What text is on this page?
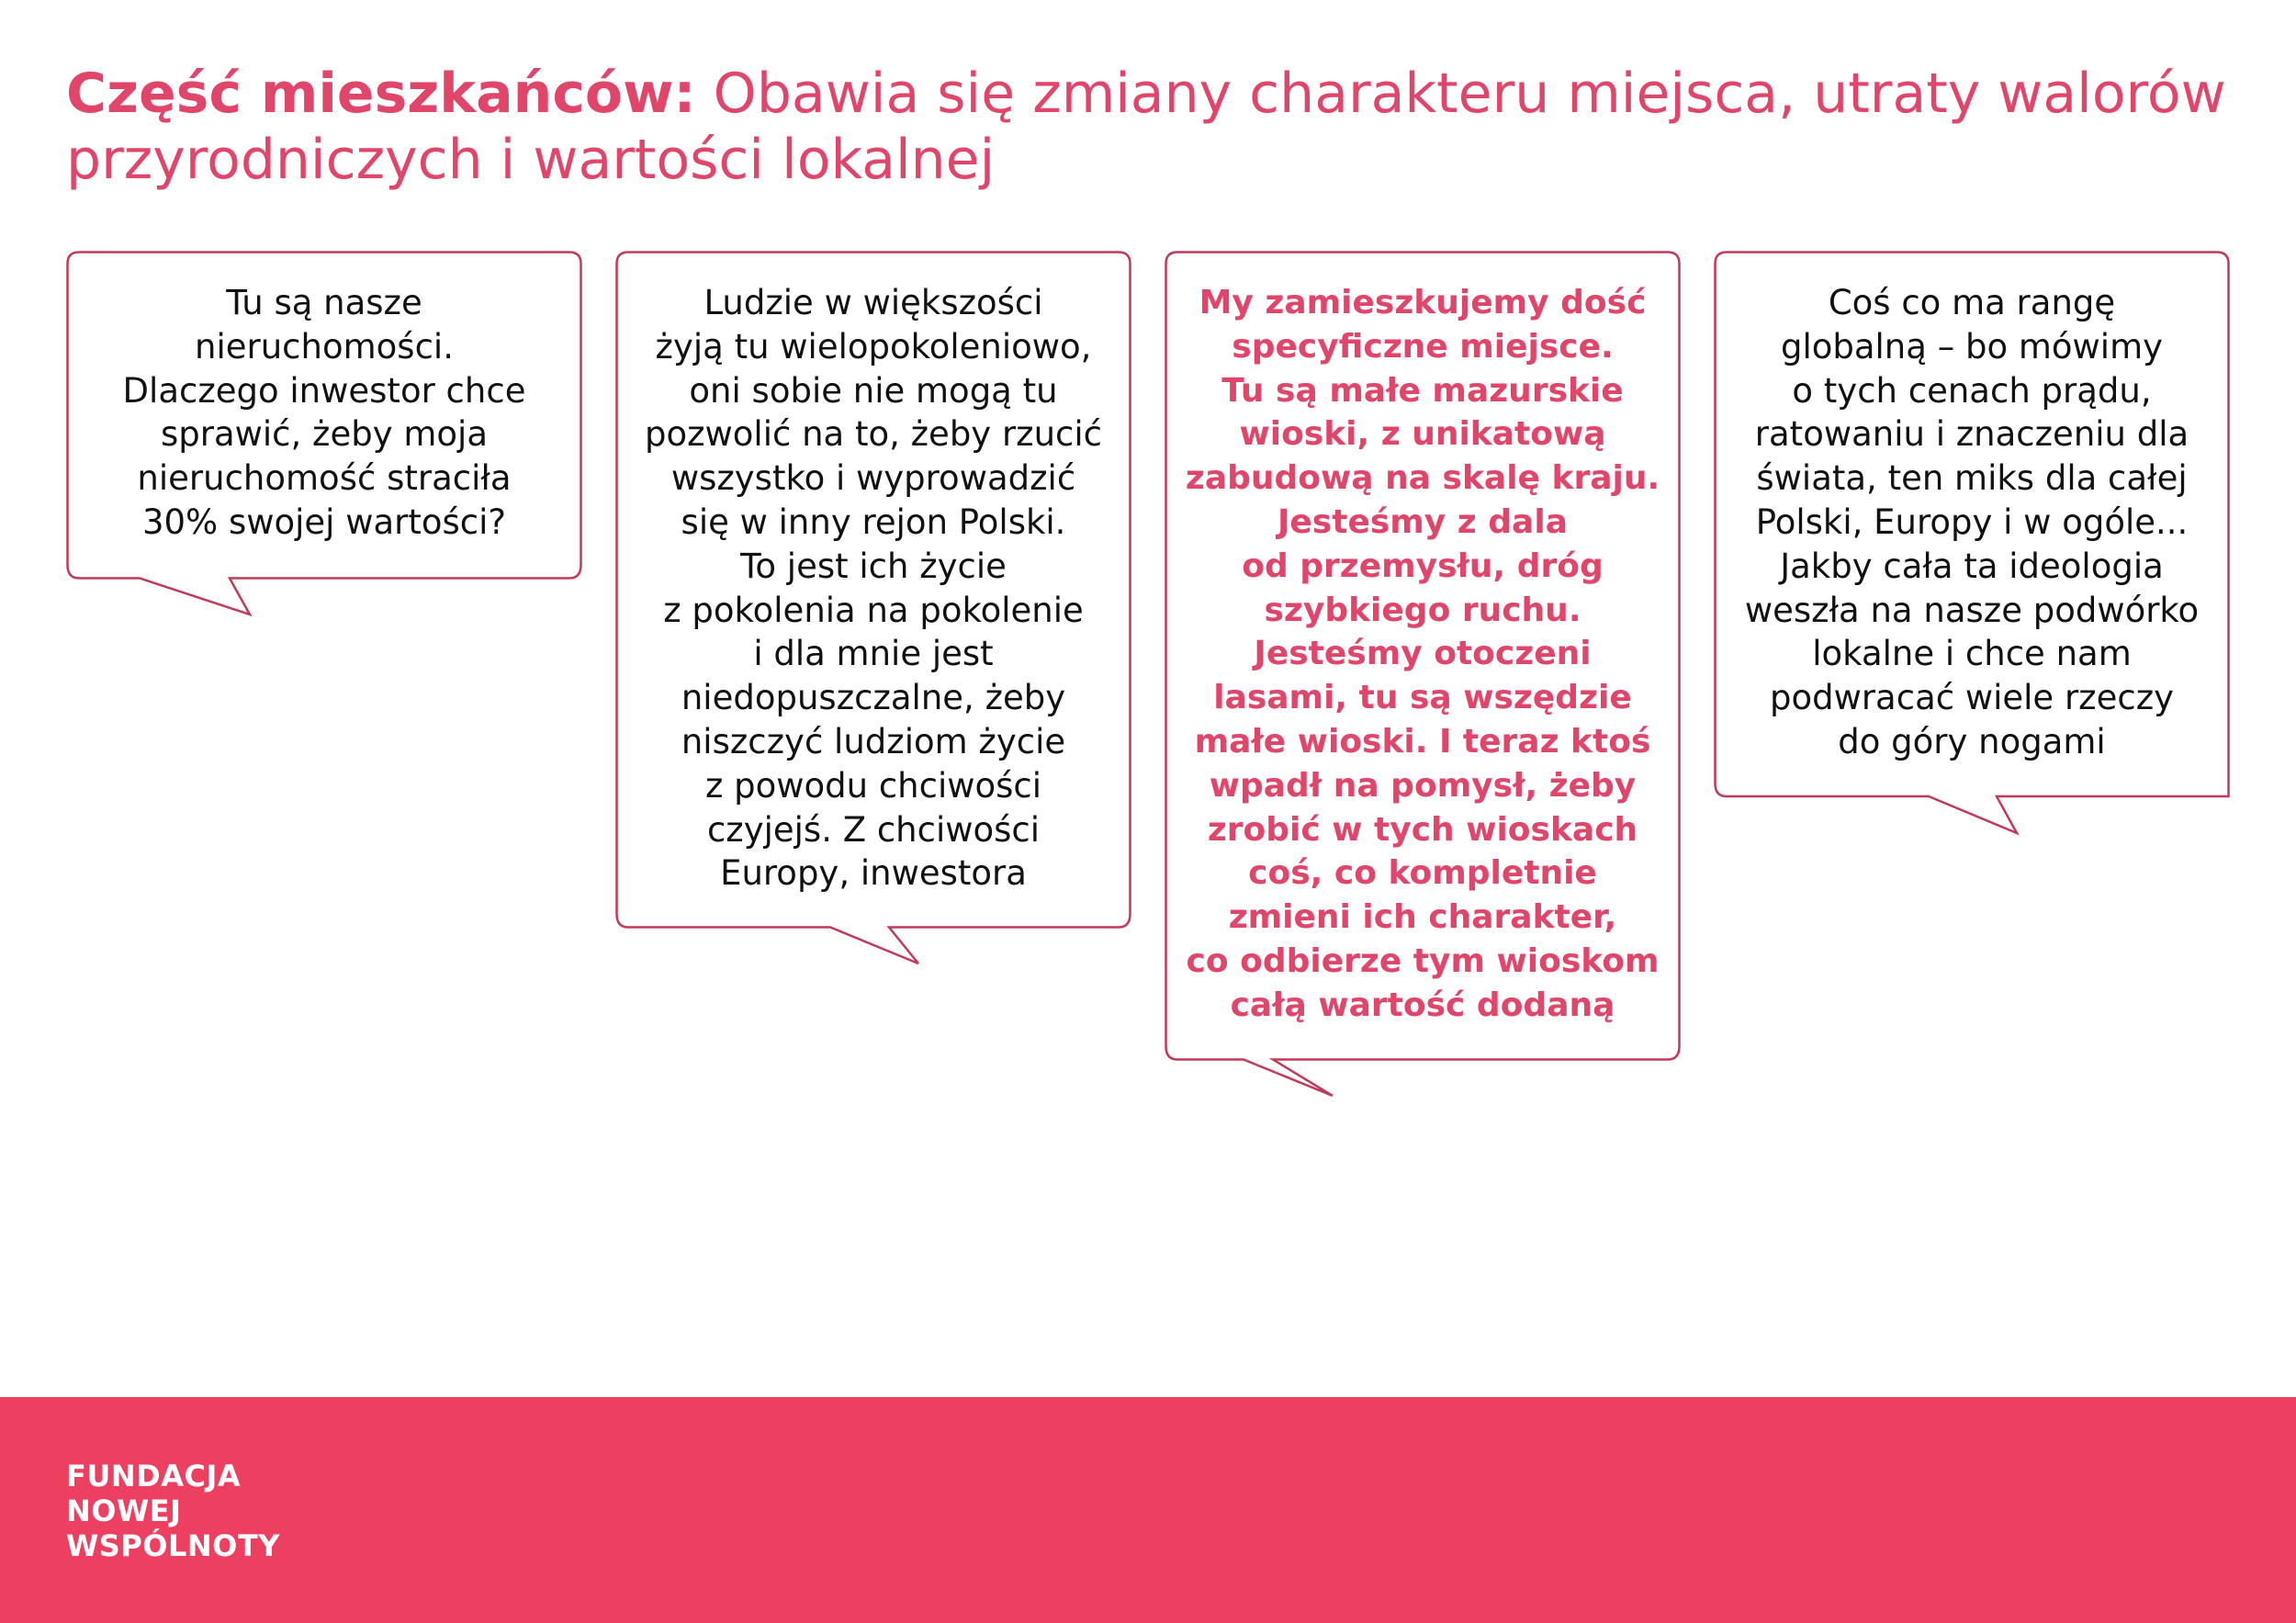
Część mieszkańców: Obawia się zmiany charakteru miejsca, utraty walorów przyrodniczych i wartości lokalnej
Tu są nasze
nieruchomości.
Dlaczego inwestor chce
sprawić, żeby moja
nieruchomość straciła
30% swojej wartości?
Ludzie w większości
żyją tu wielopokoleniowo,
oni sobie nie mogą tu
pozwolić na to, żeby rzucić
wszystko i wyprowadzić
się w inny rejon Polski.
To jest ich życie
z pokolenia na pokolenie
i dla mnie jest
niedopuszczalne, żeby
niszczyć ludziom życie
z powodu chciwości
czyjejś. Z chciwości
Europy, inwestora
My zamieszkujemy dość
specyficzne miejsce.
Tu są małe mazurskie
wioski, z unikatową
zabudową na skalę kraju.
Jesteśmy z dala
od przemysłu, dróg
szybkiego ruchu.
Jesteśmy otoczeni
lasami, tu są wszędzie
małe wioski. I teraz ktoś
wpadł na pomysł, żeby
zrobić w tych wioskach
coś, co kompletnie
zmieni ich charakter,
co odbierze tym wioskom
całą wartość dodaną
Coś co ma rangę
globalną – bo mówimy
o tych cenach prądu,
ratowaniu i znaczeniu dla
świata, ten miks dla całej
Polski, Europy i w ogóle...
Jakby cała ta ideologia
weszła na nasze podwórko
lokalne i chce nam
podwracać wiele rzeczy
do góry nogami
FUNDACJA
NOWEJ
WSPÓLNOTY
